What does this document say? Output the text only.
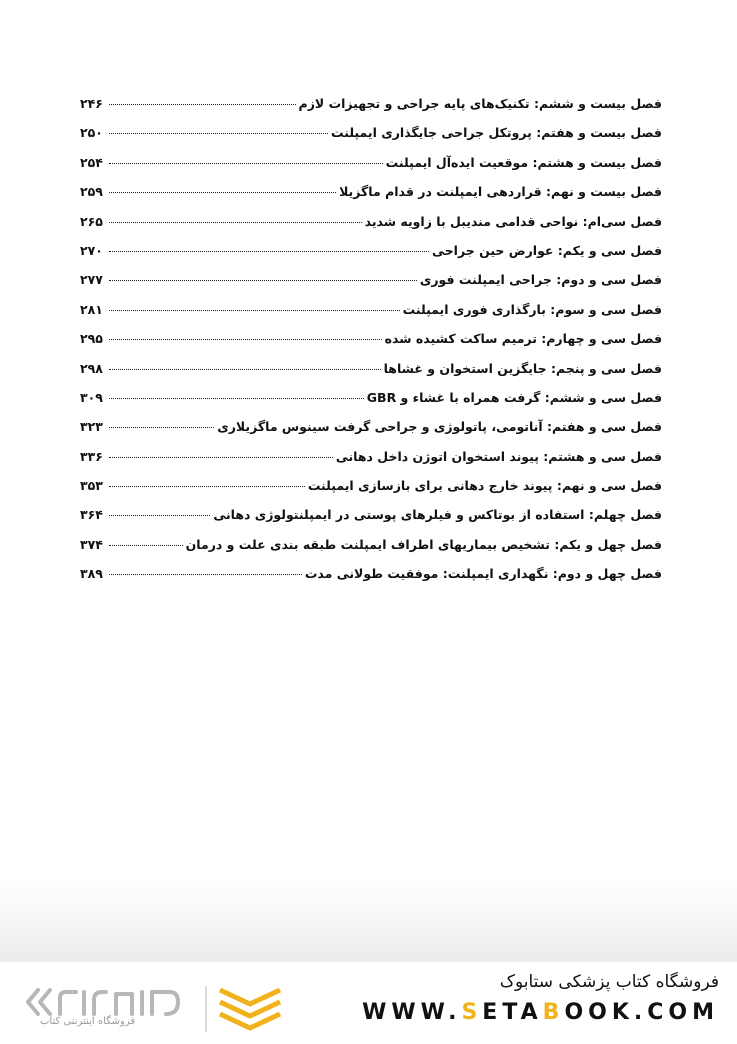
فصل بیست و ششم: تکنیک‌های پایه جراحی و تجهیزات لازم
۲۴۶
فصل بیست و هفتم: پروتکل جراحی جایگذاری ایمپلنت
۲۵۰
فصل بیست و هشتم: موقعیت ایده‌آل ایمپلنت
۲۵۴
فصل بیست و نهم: قراردهی ایمپلنت در قدام ماگزیلا
۲۵۹
فصل سی‌ام: نواحی قدامی مندیبل با زاویه شدید
۲۶۵
فصل سی و یکم: عوارض حین جراحی
۲۷۰
فصل سی و دوم: جراحی ایمپلنت فوری
۲۷۷
فصل سی و سوم: بارگذاری فوری ایمپلنت
۲۸۱
فصل سی و چهارم: ترمیم ساکت کشیده شده
۲۹۵
فصل سی و پنجم: جایگزین استخوان و غشاها
۲۹۸
فصل سی و ششم: گرفت همراه با غشاء و GBR
۳۰۹
فصل سی و هفتم: آناتومی، پاتولوژی و جراحی گرفت سینوس ماگزیلاری
۳۲۳
فصل سی و هشتم: پیوند استخوان اتوژن داخل دهانی
۳۳۶
فصل سی و نهم: پیوند خارج دهانی برای بازسازی ایمپلنت
۳۵۳
فصل چهلم: استفاده از بوتاکس و فیلرهای پوستی در ایمپلنتولوژی دهانی
۳۶۴
فصل چهل و یکم: تشخیص بیماریهای اطراف ایمپلنت طبقه بندی علت و درمان
۳۷۴
فصل چهل و دوم: نگهداری ایمپلنت: موفقیت طولانی مدت
۳۸۹
فروشگاه اینترنتی کتاب
فروشگاه کتاب پزشکی ستابوک
WWW.SETABOOK.COM
